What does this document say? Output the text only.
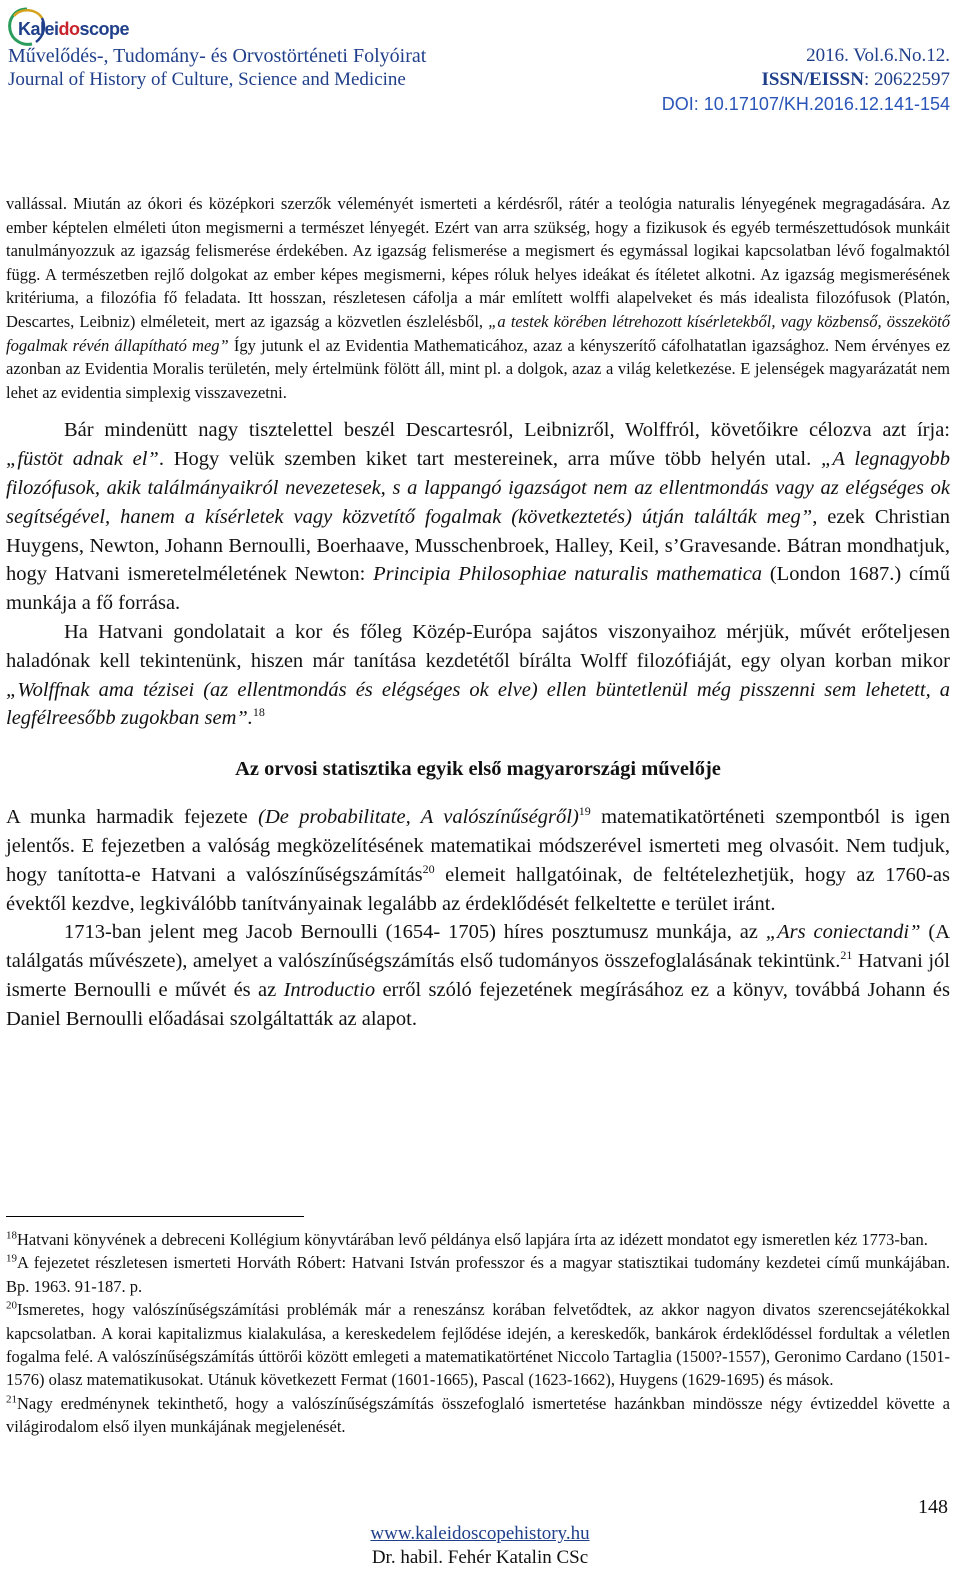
Kaleidoscope
Művelődés-, Tudomány- és Orvostörténeti Folyóirat
Journal of History of Culture, Science and Medicine
2016. Vol.6.No.12.
ISSN/EISSN: 20622597
DOI: 10.17107/KH.2016.12.141-154

vallással. Miután az ókori és középkori szerzők véleményét ismerteti a kérdésről, rátér a teológia naturalis lényegének megragadására. Az ember képtelen elméleti úton megismerni a természet lényegét. Ezért van arra szükség, hogy a fizikusok és egyéb természettudósok munkáit tanulmányozzuk az igazság felismerése érdekében. Az igazság felismerése a megismert és egymással logikai kapcsolatban lévő fogalmaktól függ. A természetben rejlő dolgokat az ember képes megismerni, képes róluk helyes ideákat és ítéletet alkotni. Az igazság megismerésének kritériuma, a filozófia fő feladata. Itt hosszan, részletesen cáfolja a már említett wolffi alapelveket és más idealista filozófusok (Platón, Descartes, Leibniz) elméleteit, mert az igazság a közvetlen észlelésből, „a testek körében létrehozott kísérletekből, vagy közbenső, összekötő fogalmak révén állapítható meg” Így jutunk el az Evidentia Mathematicához, azaz a kényszerítő cáfolhatatlan igazsághoz. Nem érvényes ez azonban az Evidentia Moralis területén, mely értelmünk fölött áll, mint pl. a dolgok, azaz a világ keletkezése. E jelenségek magyarázatát nem lehet az evidentia simplexig visszavezetni.

Bár mindenütt nagy tisztelettel beszél Descartesról, Leibnizről, Wolffról, követőikre célozva azt írja: „füstöt adnak el”. Hogy velük szemben kiket tart mestereinek, arra műve több helyén utal. „A legnagyobb filozófusok, akik találmányaikról nevezetesek, s a lappangó igazságot nem az ellentmondás vagy az elégséges ok segítségével, hanem a kísérletek vagy közvetítő fogalmak (következtetés) útján találták meg”, ezek Christian Huygens, Newton, Johann Bernoulli, Boerhaave, Musschenbroek, Halley, Keil, s’Gravesande. Bátran mondhatjuk, hogy Hatvani ismeretelméletének Newton: Principia Philosophiae naturalis mathematica (London 1687.) című munkája a fő forrása.

Ha Hatvani gondolatait a kor és főleg Közép-Európa sajátos viszonyaihoz mérjük, művét erőteljesen haladónak kell tekintenünk, hiszen már tanítása kezdetétől bírálta Wolff filozófiáját, egy olyan korban mikor „Wolffnak ama tézisei (az ellentmondás és elégséges ok elve) ellen büntetlenül még pisszenni sem lehetett, a legfélreesőbb zugokban sem”.$^{18}$

Az orvosi statisztika egyik első magyarországi művelője

A munka harmadik fejezete (De probabilitate, A valószínűségről)$^{19}$ matematikatörténeti szempontból is igen jelentős. E fejezetben a valóság megközelítésének matematikai módszerével ismerteti meg olvasóit. Nem tudjuk, hogy tanította-e Hatvani a valószínűségszámítás$^{20}$ elemeit hallgatóinak, de feltételezhetjük, hogy az 1760-as évektől kezdve, legkiválóbb tanítványainak legalább az érdeklődését felkeltette e terület iránt.

1713-ban jelent meg Jacob Bernoulli (1654- 1705) híres posztumusz munkája, az „Ars coniectandi” (A találgatás művészete), amelyet a valószínűségszámítás első tudományos összefoglalásának tekintünk.$^{21}$ Hatvani jól ismerte Bernoulli e művét és az Introductio erről szóló fejezetének megírásához ez a könyv, továbbá Johann és Daniel Bernoulli előadásai szolgáltatták az alapot.

$^{18}$Hatvani könyvének a debreceni Kollégium könyvtárában levő példánya első lapjára írta az idézett mondatot egy ismeretlen kéz 1773-ban.

$^{19}$A fejezetet részletesen ismerteti Horváth Róbert: Hatvani István professzor és a magyar statisztikai tudomány kezdetei című munkájában. Bp. 1963. 91-187. p.

$^{20}$Ismeretes, hogy valószínűségszámítási problémák már a reneszánsz korában felvetődtek, az akkor nagyon divatos szerencsejátékokkal kapcsolatban. A korai kapitalizmus kialakulása, a kereskedelem fejlődése idején, a kereskedők, bankárok érdeklődéssel fordultak a véletlen fogalma felé. A valószínűségszámítás úttörői között emlegeti a matematikatörténet Niccolo Tartaglia (1500?-1557), Geronimo Cardano (1501-1576) olasz matematikusokat. Utánuk következett Fermat (1601-1665), Pascal (1623-1662), Huygens (1629-1695) és mások.

$^{21}$Nagy eredménynek tekinthető, hogy a valószínűségszámítás összefoglaló ismertetése hazánkban mindössze négy évtizeddel követte a világirodalom első ilyen munkájának megjelenését.

148
www.kaleidoscopehistory.hu
Dr. habil. Fehér Katalin CSc
